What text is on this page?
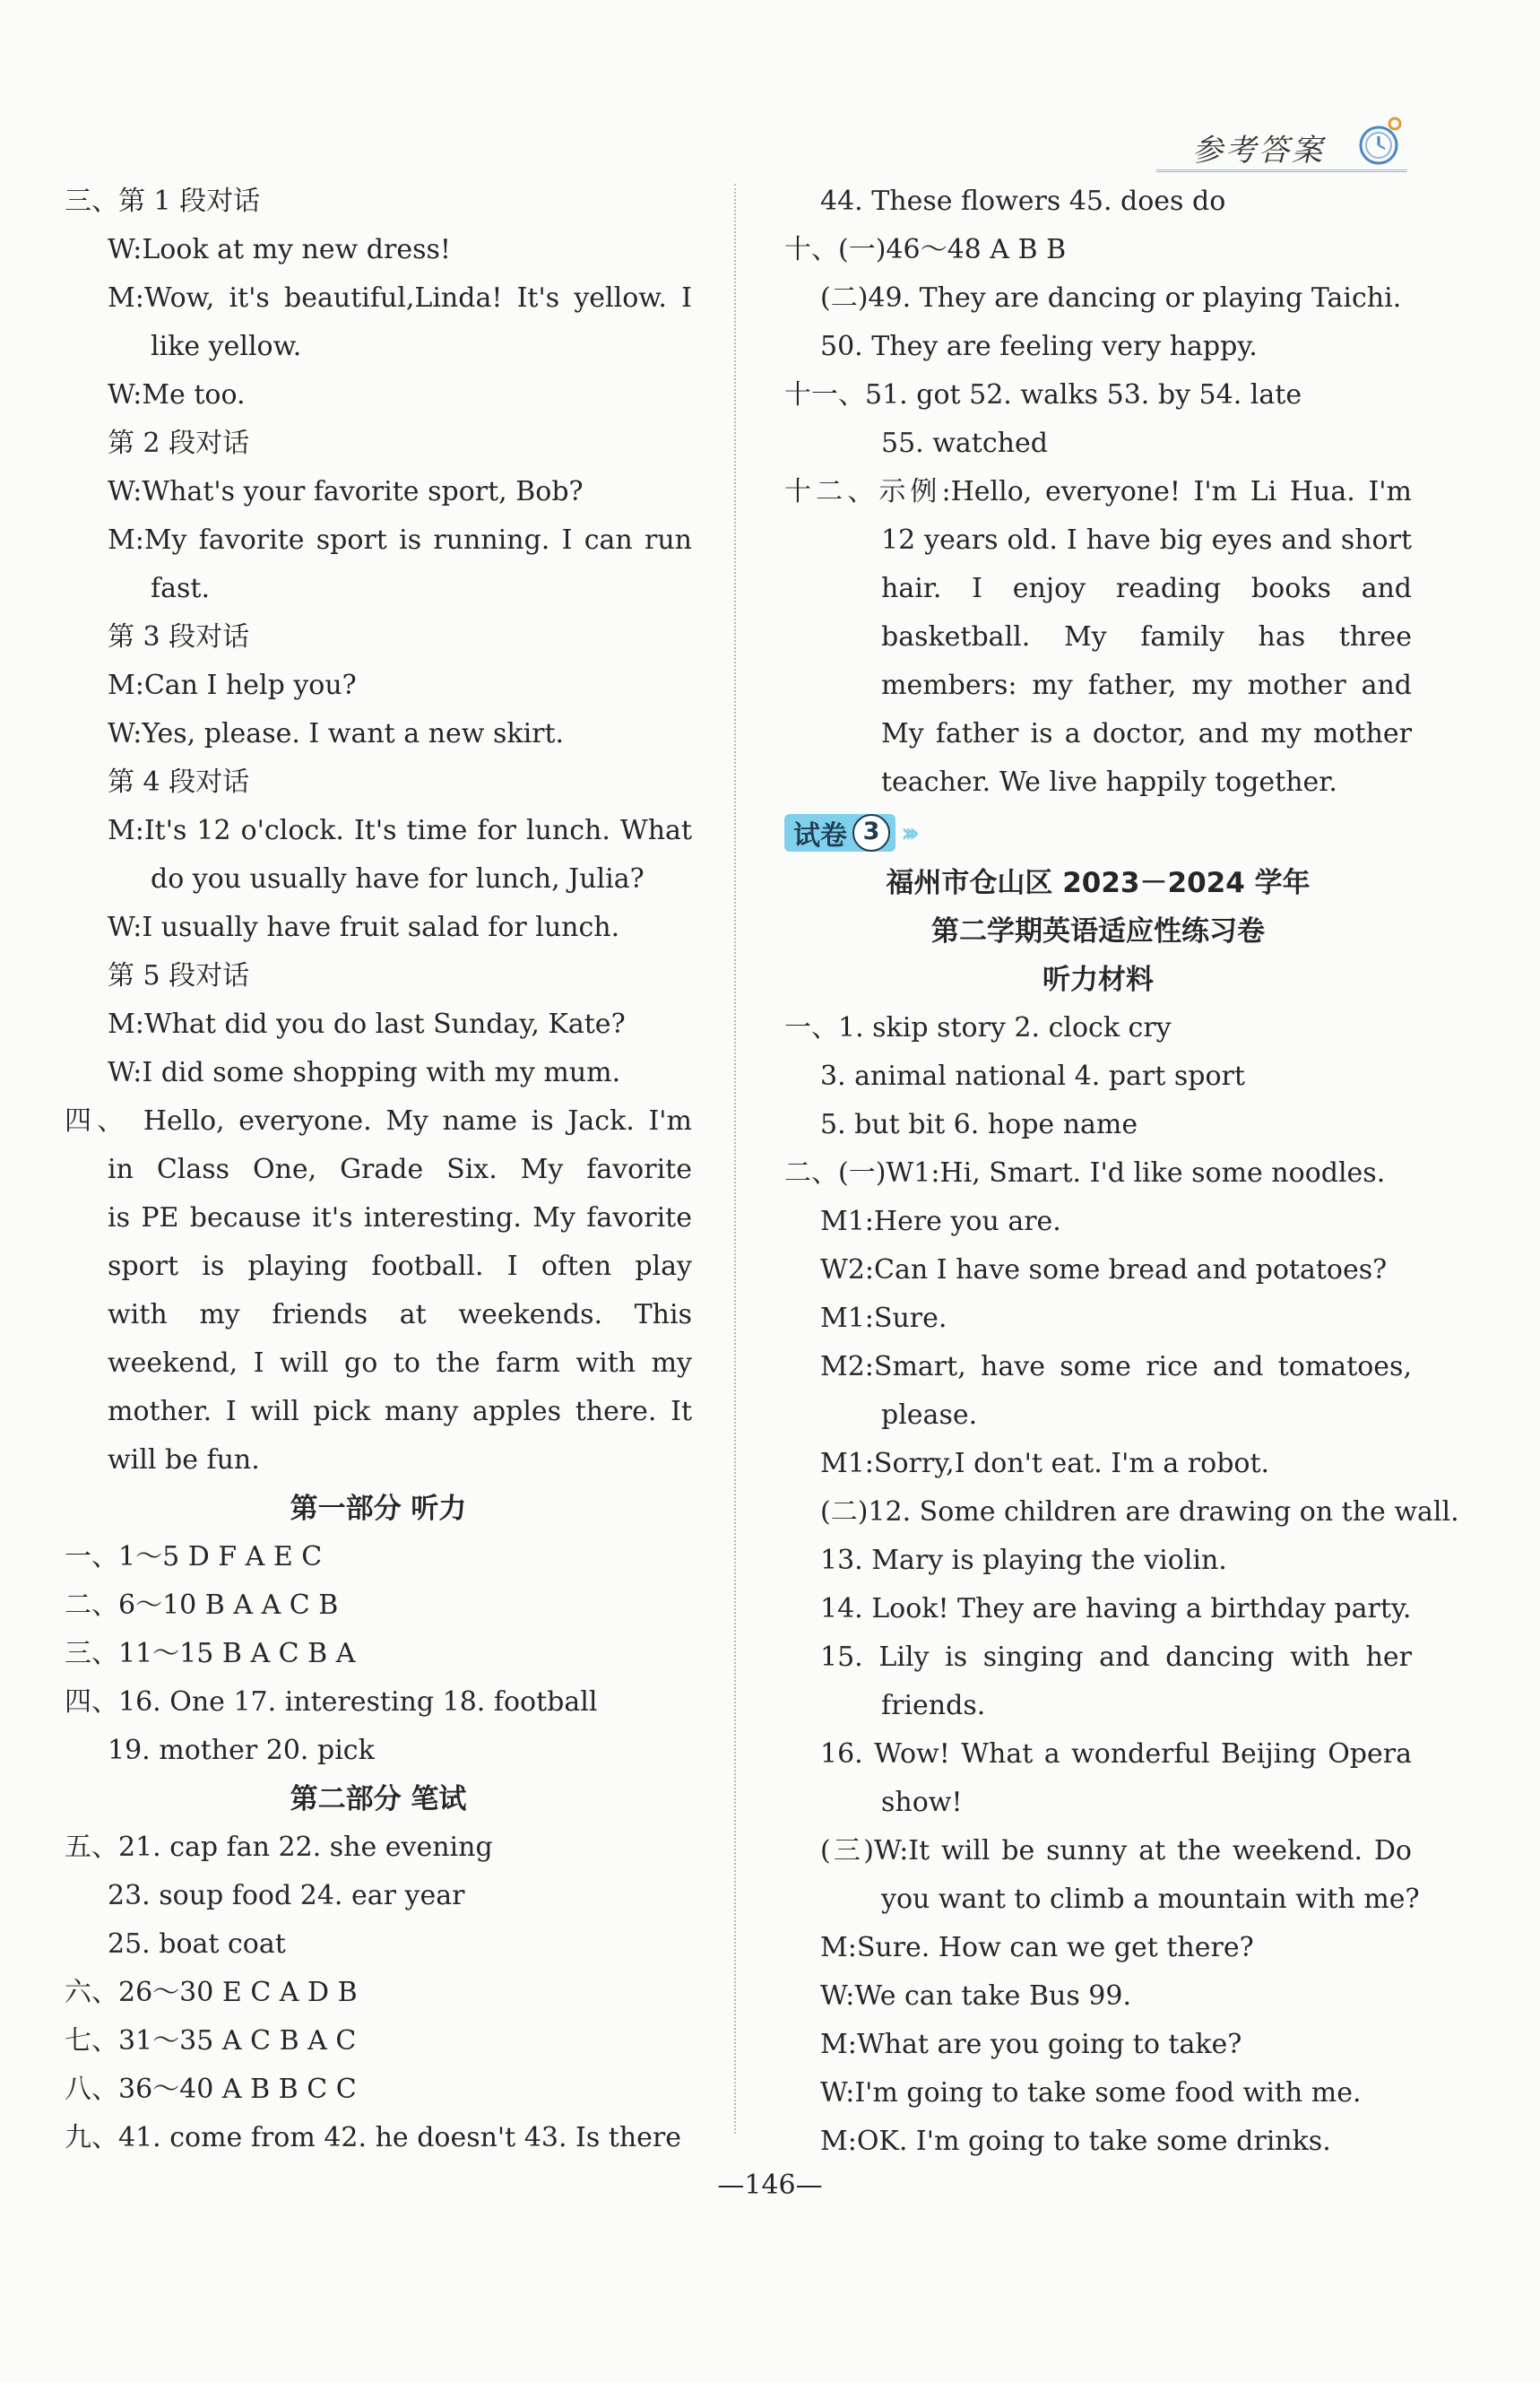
参考答案
三、第 1 段对话
W:Look at my new dress!
M:Wow, it's beautiful,Linda! It's yellow. I
like yellow.
W:Me too.
第 2 段对话
W:What's your favorite sport, Bob?
M:My favorite sport is running. I can run
fast.
第 3 段对话
M:Can I help you?
W:Yes, please. I want a new skirt.
第 4 段对话
M:It's 12 o'clock. It's time for lunch. What
do you usually have for lunch, Julia?
W:I usually have fruit salad for lunch.
第 5 段对话
M:What did you do last Sunday, Kate?
W:I did some shopping with my mum.
四、 Hello, everyone. My name is Jack. I'm
in Class One, Grade Six. My favorite
is PE because it's interesting. My favorite
sport is playing football. I often play
with my friends at weekends. This
weekend, I will go to the farm with my
mother. I will pick many apples there. It
will be fun.
第一部分 听力
一、1～5 D F A E C
二、6～10 B A A C B
三、11～15 B A C B A
四、16. One 17. interesting 18. football
19. mother 20. pick
第二部分 笔试
五、21. cap fan 22. she evening
23. soup food 24. ear year
25. boat coat
六、26～30 E C A D B
七、31～35 A C B A C
八、36～40 A B B C C
九、41. come from 42. he doesn't 43. Is there
44. These flowers 45. does do
十、(一)46～48 A B B
(二)49. They are dancing or playing Taichi.
50. They are feeling very happy.
十一、51. got 52. walks 53. by 54. late
55. watched
十二、示例:Hello, everyone! I'm Li Hua. I'm
12 years old. I have big eyes and short
hair. I enjoy reading books and
basketball. My family has three
members: my father, my mother and
My father is a doctor, and my mother
teacher. We live happily together.
试卷 3 ›››
福州市仓山区 2023－2024 学年
第二学期英语适应性练习卷
听力材料
一、1. skip story 2. clock cry
3. animal national 4. part sport
5. but bit 6. hope name
二、(一)W1:Hi, Smart. I'd like some noodles.
M1:Here you are.
W2:Can I have some bread and potatoes?
M1:Sure.
M2:Smart, have some rice and tomatoes,
please.
M1:Sorry,I don't eat. I'm a robot.
(二)12. Some children are drawing on the wall.
13. Mary is playing the violin.
14. Look! They are having a birthday party.
15. Lily is singing and dancing with her
friends.
16. Wow! What a wonderful Beijing Opera
show!
(三)W:It will be sunny at the weekend. Do
you want to climb a mountain with me?
M:Sure. How can we get there?
W:We can take Bus 99.
M:What are you going to take?
W:I'm going to take some food with me.
M:OK. I'm going to take some drinks.
—146—
